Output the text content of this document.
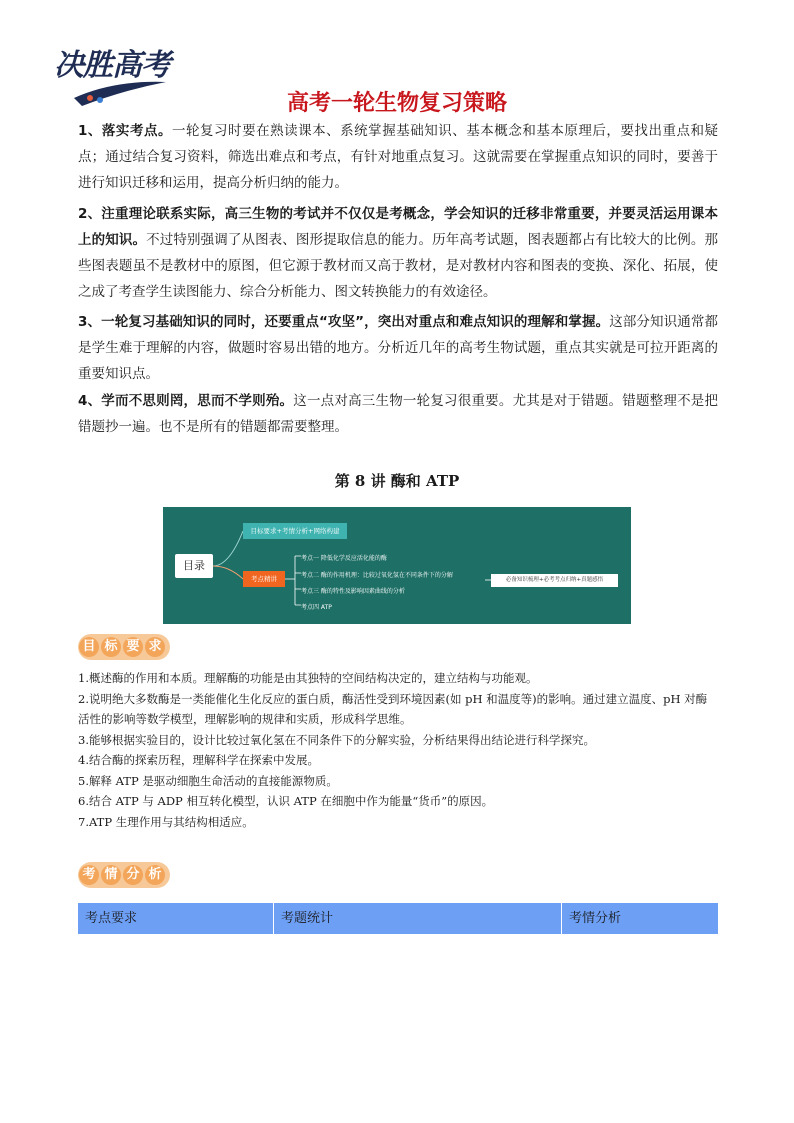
决胜高考
高考一轮生物复习策略
1、落实考点。一轮复习时要在熟读课本、系统掌握基础知识、基本概念和基本原理后，要找出重点和疑点；通过结合复习资料，筛选出难点和考点，有针对地重点复习。这就需要在掌握重点知识的同时，要善于进行知识迁移和运用，提高分析归纳的能力。
2、注重理论联系实际，高三生物的考试并不仅仅是考概念，学会知识的迁移非常重要，并要灵活运用课本上的知识。不过特别强调了从图表、图形提取信息的能力。历年高考试题，图表题都占有比较大的比例。那些图表题虽不是教材中的原图，但它源于教材而又高于教材，是对教材内容和图表的变换、深化、拓展，使之成了考查学生读图能力、综合分析能力、图文转换能力的有效途径。
3、一轮复习基础知识的同时，还要重点“攻坚”，突出对重点和难点知识的理解和掌握。这部分知识通常都是学生难于理解的内容，做题时容易出错的地方。分析近几年的高考生物试题，重点其实就是可拉开距离的重要知识点。
4、学而不思则罔，思而不学则殆。这一点对高三生物一轮复习很重要。尤其是对于错题。错题整理不是把错题抄一遍。也不是所有的错题都需要整理。
第 8 讲 酶和 ATP
目录
目标要求+考情分析+网络构建
考点精讲
考点一 降低化学反应活化能的酶
考点二 酶的作用机理：比较过氧化氢在不同条件下的分解
考点三 酶的特性及影响因素曲线的分析
考点四 ATP
必备知识梳理+必考考点归纳+真题感悟
目 标 要 求
1.概述酶的作用和本质。理解酶的功能是由其独特的空间结构决定的，建立结构与功能观。
2.说明绝大多数酶是一类能催化生化反应的蛋白质，酶活性受到环境因素(如 pH 和温度等)的影响。通过建立温度、pH 对酶活性的影响等数学模型，理解影响的规律和实质，形成科学思维。
3.能够根据实验目的，设计比较过氧化氢在不同条件下的分解实验，分析结果得出结论进行科学探究。
4.结合酶的探索历程，理解科学在探索中发展。
5.解释 ATP 是驱动细胞生命活动的直接能源物质。
6.结合 ATP 与 ADP 相互转化模型，认识 ATP 在细胞中作为能量“货币”的原因。
7.ATP 生理作用与其结构相适应。
考 情 分 析
考点要求	考题统计	考情分析
